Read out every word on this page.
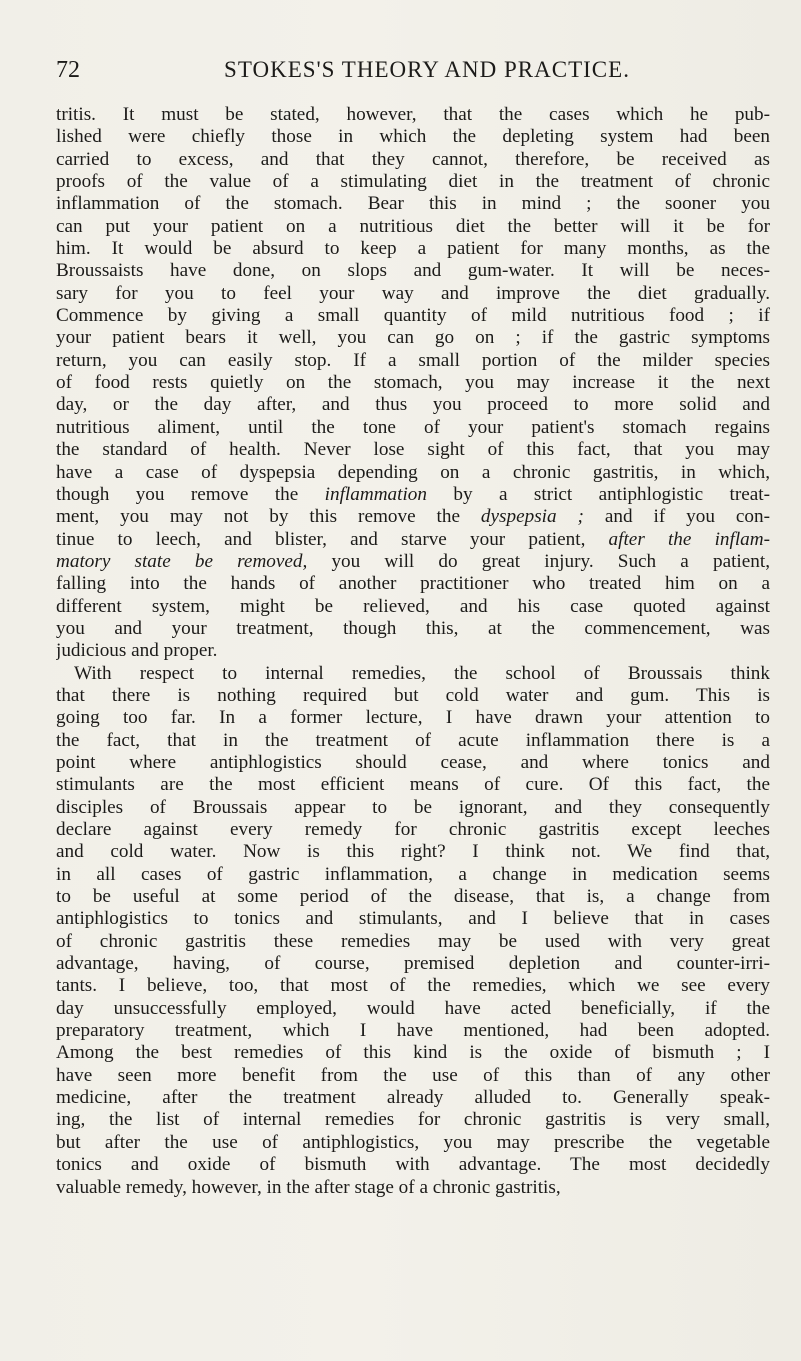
72	STOKES'S THEORY AND PRACTICE.
tritis. It must be stated, however, that the cases which he pub-
lished were chiefly those in which the depleting system had been
carried to excess, and that they cannot, therefore, be received as
proofs of the value of a stimulating diet in the treatment of chronic
inflammation of the stomach. Bear this in mind ; the sooner you
can put your patient on a nutritious diet the better will it be for
him. It would be absurd to keep a patient for many months, as the
Broussaists have done, on slops and gum-water. It will be neces-
sary for you to feel your way and improve the diet gradually.
Commence by giving a small quantity of mild nutritious food ; if
your patient bears it well, you can go on ; if the gastric symptoms
return, you can easily stop. If a small portion of the milder species
of food rests quietly on the stomach, you may increase it the next
day, or the day after, and thus you proceed to more solid and
nutritious aliment, until the tone of your patient's stomach regains
the standard of health. Never lose sight of this fact, that you may
have a case of dyspepsia depending on a chronic gastritis, in which,
though you remove the inflammation by a strict antiphlogistic treat-
ment, you may not by this remove the dyspepsia ; and if you con-
tinue to leech, and blister, and starve your patient, after the inflam-
matory state be removed, you will do great injury. Such a patient,
falling into the hands of another practitioner who treated him on a
different system, might be relieved, and his case quoted against
you and your treatment, though this, at the commencement, was
judicious and proper.
With respect to internal remedies, the school of Broussais think
that there is nothing required but cold water and gum. This is
going too far. In a former lecture, I have drawn your attention to
the fact, that in the treatment of acute inflammation there is a
point where antiphlogistics should cease, and where tonics and
stimulants are the most efficient means of cure. Of this fact, the
disciples of Broussais appear to be ignorant, and they consequently
declare against every remedy for chronic gastritis except leeches
and cold water. Now is this right? I think not. We find that,
in all cases of gastric inflammation, a change in medication seems
to be useful at some period of the disease, that is, a change from
antiphlogistics to tonics and stimulants, and I believe that in cases
of chronic gastritis these remedies may be used with very great
advantage, having, of course, premised depletion and counter-irri-
tants. I believe, too, that most of the remedies, which we see every
day unsuccessfully employed, would have acted beneficially, if the
preparatory treatment, which I have mentioned, had been adopted.
Among the best remedies of this kind is the oxide of bismuth ; I
have seen more benefit from the use of this than of any other
medicine, after the treatment already alluded to. Generally speak-
ing, the list of internal remedies for chronic gastritis is very small,
but after the use of antiphlogistics, you may prescribe the vegetable
tonics and oxide of bismuth with advantage. The most decidedly
valuable remedy, however, in the after stage of a chronic gastritis,
